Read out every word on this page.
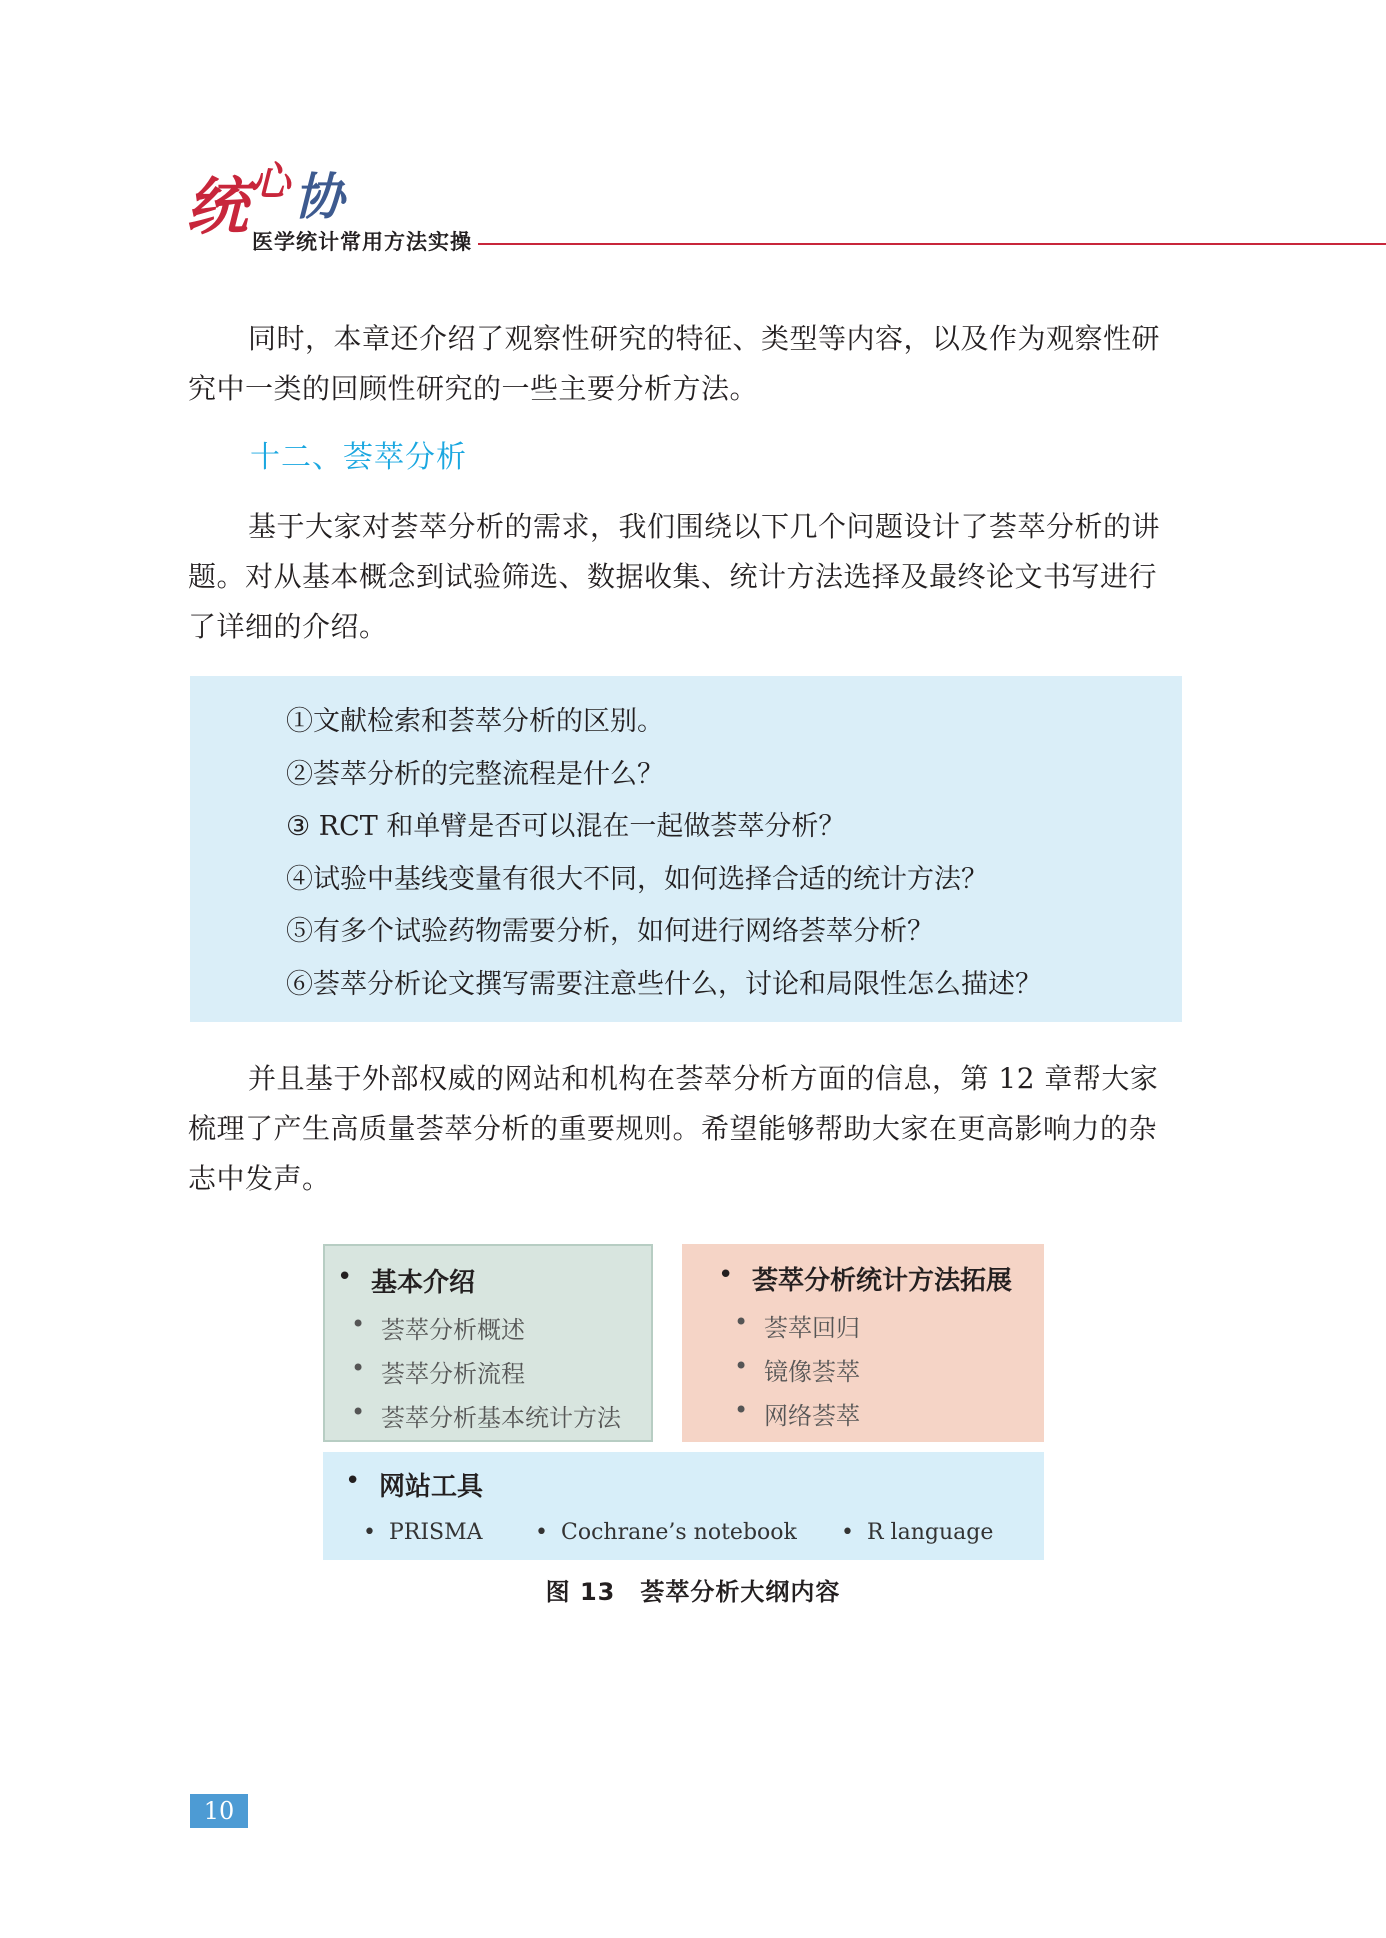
统 心 协
医学统计常用方法实操

同时，本章还介绍了观察性研究的特征、类型等内容，以及作为观察性研究中一类的回顾性研究的一些主要分析方法。

十二、荟萃分析

基于大家对荟萃分析的需求，我们围绕以下几个问题设计了荟萃分析的讲题。对从基本概念到试验筛选、数据收集、统计方法选择及最终论文书写进行了详细的介绍。

①文献检索和荟萃分析的区别。
②荟萃分析的完整流程是什么？
③ RCT 和单臂是否可以混在一起做荟萃分析？
④试验中基线变量有很大不同，如何选择合适的统计方法？
⑤有多个试验药物需要分析，如何进行网络荟萃分析？
⑥荟萃分析论文撰写需要注意些什么，讨论和局限性怎么描述？

并且基于外部权威的网站和机构在荟萃分析方面的信息，第 12 章帮大家梳理了产生高质量荟萃分析的重要规则。希望能够帮助大家在更高影响力的杂志中发声。

• 基本介绍
• 荟萃分析概述
• 荟萃分析流程
• 荟萃分析基本统计方法
• 荟萃分析统计方法拓展
• 荟萃回归
• 镜像荟萃
• 网络荟萃
• 网站工具
• PRISMA	• Cochrane’s notebook	• R language
图 13　荟萃分析大纲内容
10
